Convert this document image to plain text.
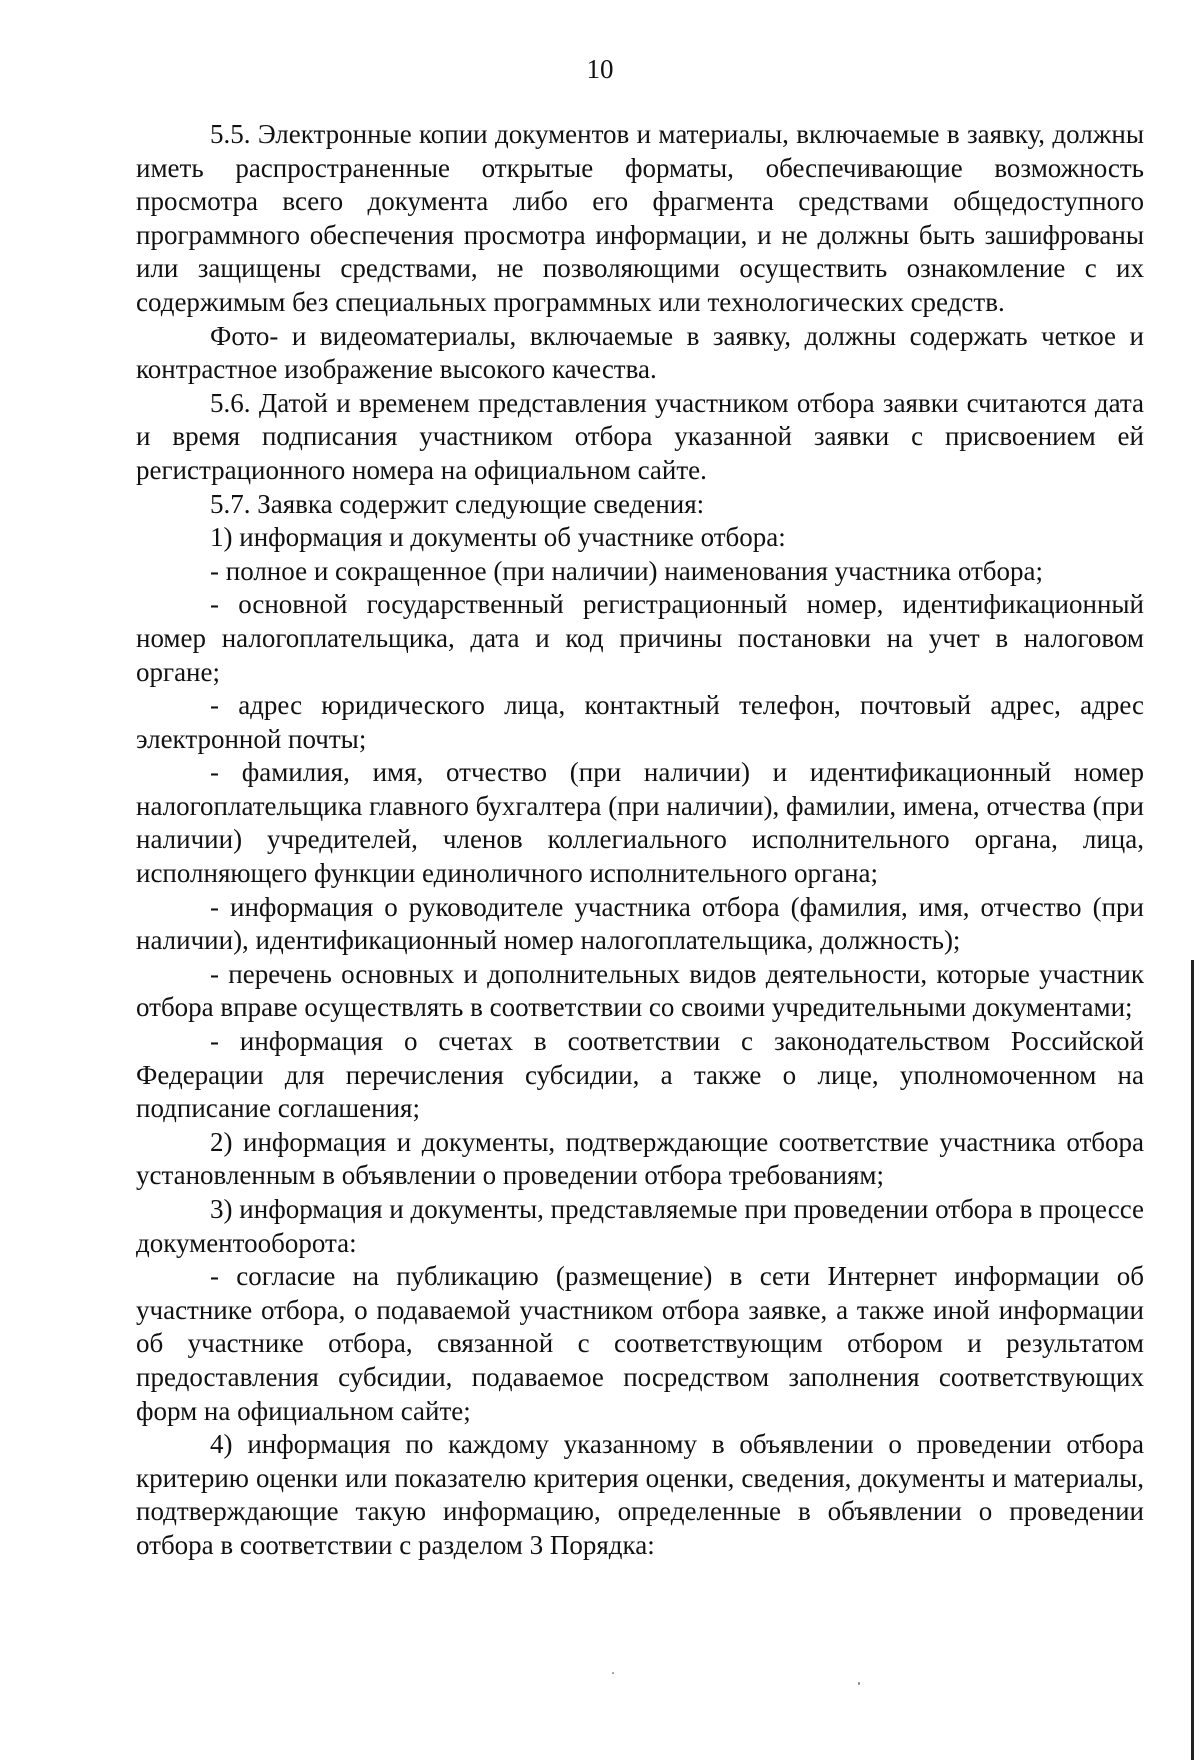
10

5.5. Электронные копии документов и материалы, включаемые в заявку, должны иметь распространенные открытые форматы, обеспечивающие возможность просмотра всего документа либо его фрагмента средствами общедоступного программного обеспечения просмотра информации, и не должны быть зашифрованы или защищены средствами, не позволяющими осуществить ознакомление с их содержимым без специальных программных или технологических средств.

Фото- и видеоматериалы, включаемые в заявку, должны содержать четкое и контрастное изображение высокого качества.

5.6. Датой и временем представления участником отбора заявки считаются дата и время подписания участником отбора указанной заявки с присвоением ей регистрационного номера на официальном сайте.

5.7. Заявка содержит следующие сведения:

1) информация и документы об участнике отбора:

- полное и сокращенное (при наличии) наименования участника отбора;

- основной государственный регистрационный номер, идентификационный номер налогоплательщика, дата и код причины постановки на учет в налоговом органе;

- адрес юридического лица, контактный телефон, почтовый адрес, адрес электронной почты;

- фамилия, имя, отчество (при наличии) и идентификационный номер налогоплательщика главного бухгалтера (при наличии), фамилии, имена, отчества (при наличии) учредителей, членов коллегиального исполнительного органа, лица, исполняющего функции единоличного исполнительного органа;

- информация о руководителе участника отбора (фамилия, имя, отчество (при наличии), идентификационный номер налогоплательщика, должность);

- перечень основных и дополнительных видов деятельности, которые участник отбора вправе осуществлять в соответствии со своими учредительными документами;

- информация о счетах в соответствии с законодательством Российской Федерации для перечисления субсидии, а также о лице, уполномоченном на подписание соглашения;

2) информация и документы, подтверждающие соответствие участника отбора установленным в объявлении о проведении отбора требованиям;

3) информация и документы, представляемые при проведении отбора в процессе документооборота:

- согласие на публикацию (размещение) в сети Интернет информации об участнике отбора, о подаваемой участником отбора заявке, а также иной информации об участнике отбора, связанной с соответствующим отбором и результатом предоставления субсидии, подаваемое посредством заполнения соответствующих форм на официальном сайте;

4) информация по каждому указанному в объявлении о проведении отбора критерию оценки или показателю критерия оценки, сведения, документы и материалы, подтверждающие такую информацию, определенные в объявлении о проведении отбора в соответствии с разделом 3 Порядка:
